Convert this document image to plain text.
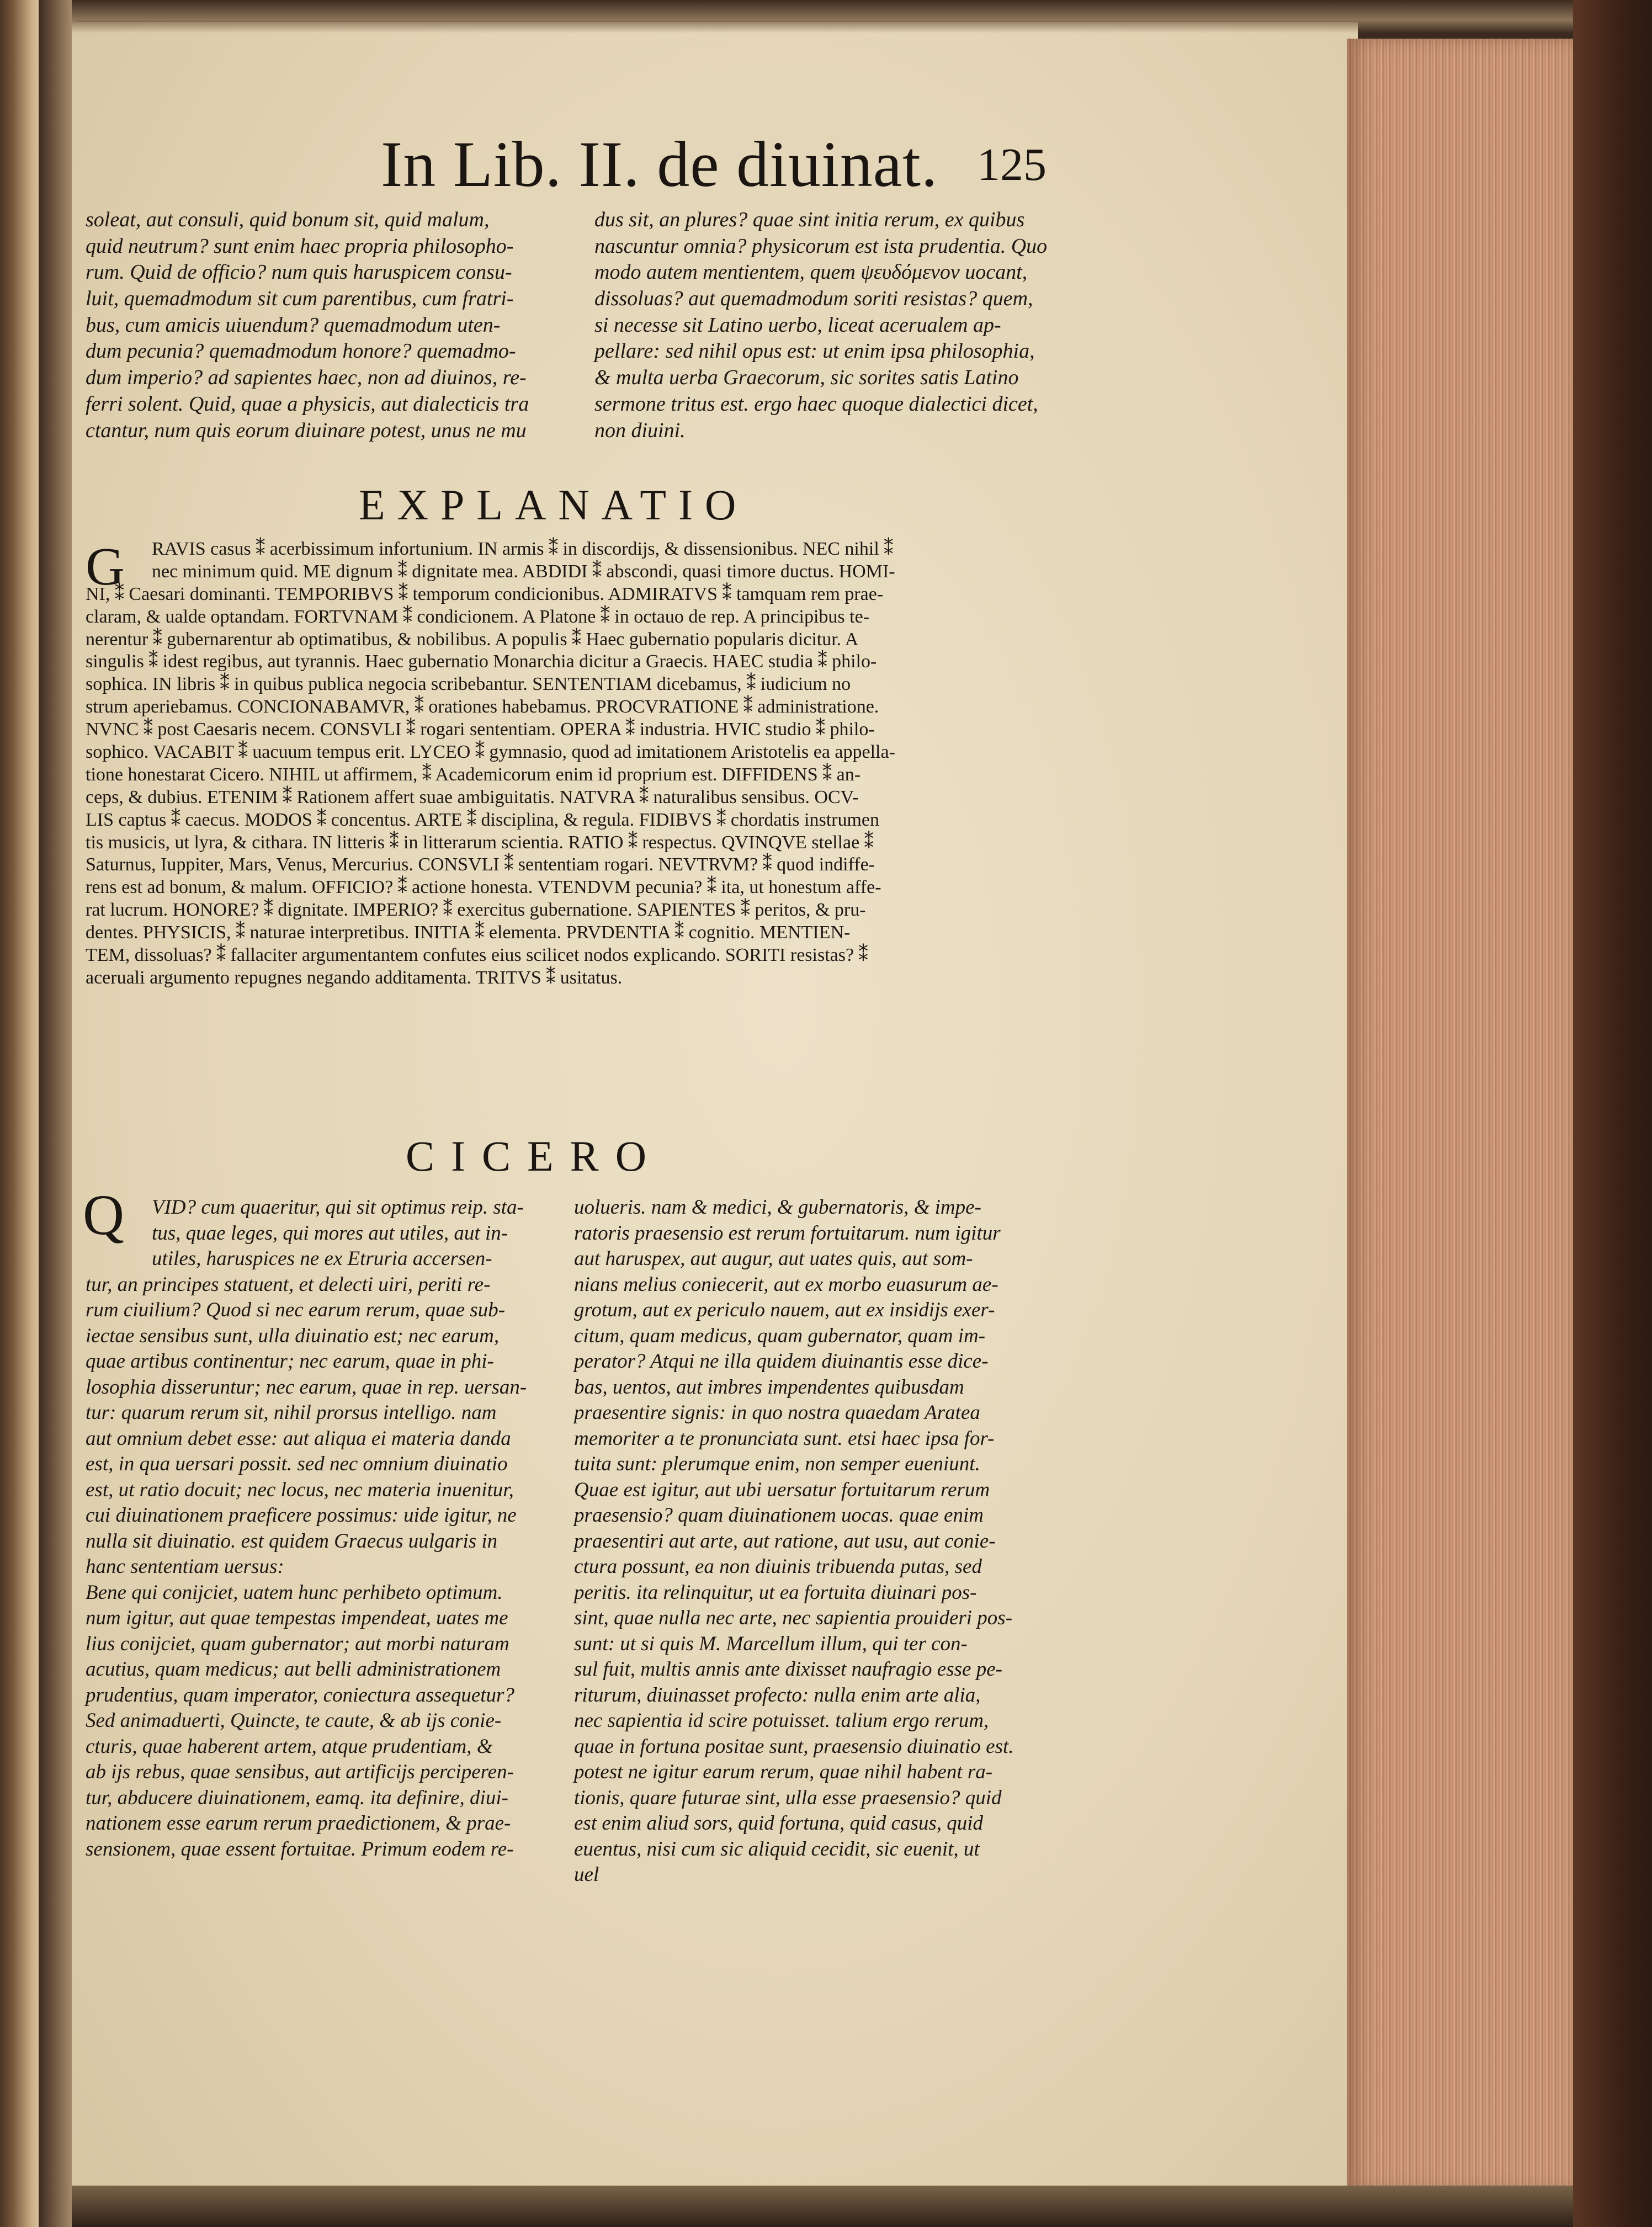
In Lib. II. de diuinat. 125
soleat, aut consuli, quid bonum sit, quid malum,
quid neutrum? sunt enim haec propria philosopho-
rum. Quid de officio? num quis haruspicem consu-
luit, quemadmodum sit cum parentibus, cum fratri-
bus, cum amicis uiuendum? quemadmodum uten-
dum pecunia? quemadmodum honore? quemadmo-
dum imperio? ad sapientes haec, non ad diuinos, re-
ferri solent. Quid, quae a physicis, aut dialecticis tra
ctantur, num quis eorum diuinare potest, unus ne mu
dus sit, an plures? quae sint initia rerum, ex quibus
nascuntur omnia? physicorum est ista prudentia. Quo
modo autem mentientem, quem ψευδόμενον uocant,
dissoluas? aut quemadmodum soriti resistas? quem,
si necesse sit Latino uerbo, liceat acerualem ap-
pellare: sed nihil opus est: ut enim ipsa philosophia,
& multa uerba Graecorum, sic sorites satis Latino
sermone tritus est. ergo haec quoque dialectici dicet,
non diuini.
EXPLANATIO
G	RAVIS casus ⁑ acerbissimum infortunium. IN armis ⁑ in discordijs, & dissensionibus. NEC nihil ⁑
nec minimum quid. ME dignum ⁑ dignitate mea. ABDIDI ⁑ abscondi, quasi timore ductus. HOMI-
NI, ⁑ Caesari dominanti. TEMPORIBVS ⁑ temporum condicionibus. ADMIRATVS ⁑ tamquam rem prae-
claram, & ualde optandam. FORTVNAM ⁑ condicionem. A Platone ⁑ in octauo de rep. A principibus te-
nerentur ⁑ gubernarentur ab optimatibus, & nobilibus. A populis ⁑ Haec gubernatio popularis dicitur. A
singulis ⁑ idest regibus, aut tyrannis. Haec gubernatio Monarchia dicitur a Graecis. HAEC studia ⁑ philo-
sophica. IN libris ⁑ in quibus publica negocia scribebantur. SENTENTIAM dicebamus, ⁑ iudicium no
strum aperiebamus. CONCIONABAMVR, ⁑ orationes habebamus. PROCVRATIONE ⁑ administratione.
NVNC ⁑ post Caesaris necem. CONSVLI ⁑ rogari sententiam. OPERA ⁑ industria. HVIC studio ⁑ philo-
sophico. VACABIT ⁑ uacuum tempus erit. LYCEO ⁑ gymnasio, quod ad imitationem Aristotelis ea appella-
tione honestarat Cicero. NIHIL ut affirmem, ⁑ Academicorum enim id proprium est. DIFFIDENS ⁑ an-
ceps, & dubius. ETENIM ⁑ Rationem affert suae ambiguitatis. NATVRA ⁑ naturalibus sensibus. OCV-
LIS captus ⁑ caecus. MODOS ⁑ concentus. ARTE ⁑ disciplina, & regula. FIDIBVS ⁑ chordatis instrumen
tis musicis, ut lyra, & cithara. IN litteris ⁑ in litterarum scientia. RATIO ⁑ respectus. QVINQVE stellae ⁑
Saturnus, Iuppiter, Mars, Venus, Mercurius. CONSVLI ⁑ sententiam rogari. NEVTRVM? ⁑ quod indiffe-
rens est ad bonum, & malum. OFFICIO? ⁑ actione honesta. VTENDVM pecunia? ⁑ ita, ut honestum affe-
rat lucrum. HONORE? ⁑ dignitate. IMPERIO? ⁑ exercitus gubernatione. SAPIENTES ⁑ peritos, & pru-
dentes. PHYSICIS, ⁑ naturae interpretibus. INITIA ⁑ elementa. PRVDENTIA ⁑ cognitio. MENTIEN-
TEM, dissoluas? ⁑ fallaciter argumentantem confutes eius scilicet nodos explicando. SORITI resistas? ⁑
aceruali argumento repugnes negando additamenta. TRITVS ⁑ usitatus.
CICERO
Q	VID? cum quaeritur, qui sit optimus reip. sta-
tus, quae leges, qui mores aut utiles, aut in-
utiles, haruspices ne ex Etruria accersen-
tur, an principes statuent, et delecti uiri, periti re-
rum ciuilium? Quod si nec earum rerum, quae sub-
iectae sensibus sunt, ulla diuinatio est; nec earum,
quae artibus continentur; nec earum, quae in phi-
losophia disseruntur; nec earum, quae in rep. uersan-
tur: quarum rerum sit, nihil prorsus intelligo. nam
aut omnium debet esse: aut aliqua ei materia danda
est, in qua uersari possit. sed nec omnium diuinatio
est, ut ratio docuit; nec locus, nec materia inuenitur,
cui diuinationem praeficere possimus: uide igitur, ne
nulla sit diuinatio. est quidem Graecus uulgaris in
hanc sententiam uersus:
Bene qui conijciet, uatem hunc perhibeto optimum.
num igitur, aut quae tempestas impendeat, uates me
lius conijciet, quam gubernator; aut morbi naturam
acutius, quam medicus; aut belli administrationem
prudentius, quam imperator, coniectura assequetur?
Sed animaduerti, Quincte, te caute, & ab ijs conie-
cturis, quae haberent artem, atque prudentiam, &
ab ijs rebus, quae sensibus, aut artificijs perciperen-
tur, abducere diuinationem, eamq. ita definire, diui-
nationem esse earum rerum praedictionem, & prae-
sensionem, quae essent fortuitae. Primum eodem re-
uolueris. nam & medici, & gubernatoris, & impe-
ratoris praesensio est rerum fortuitarum. num igitur
aut haruspex, aut augur, aut uates quis, aut som-
nians melius coniecerit, aut ex morbo euasurum ae-
grotum, aut ex periculo nauem, aut ex insidijs exer-
citum, quam medicus, quam gubernator, quam im-
perator? Atqui ne illa quidem diuinantis esse dice-
bas, uentos, aut imbres impendentes quibusdam
praesentire signis: in quo nostra quaedam Aratea
memoriter a te pronunciata sunt. etsi haec ipsa for-
tuita sunt: plerumque enim, non semper eueniunt.
Quae est igitur, aut ubi uersatur fortuitarum rerum
praesensio? quam diuinationem uocas. quae enim
praesentiri aut arte, aut ratione, aut usu, aut conie-
ctura possunt, ea non diuinis tribuenda putas, sed
peritis. ita relinquitur, ut ea fortuita diuinari pos-
sint, quae nulla nec arte, nec sapientia prouideri pos-
sunt: ut si quis M. Marcellum illum, qui ter con-
sul fuit, multis annis ante dixisset naufragio esse pe-
riturum, diuinasset profecto: nulla enim arte alia,
nec sapientia id scire potuisset. talium ergo rerum,
quae in fortuna positae sunt, praesensio diuinatio est.
potest ne igitur earum rerum, quae nihil habent ra-
tionis, quare futurae sint, ulla esse praesensio? quid
est enim aliud sors, quid fortuna, quid casus, quid
euentus, nisi cum sic aliquid cecidit, sic euenit, ut
uel
